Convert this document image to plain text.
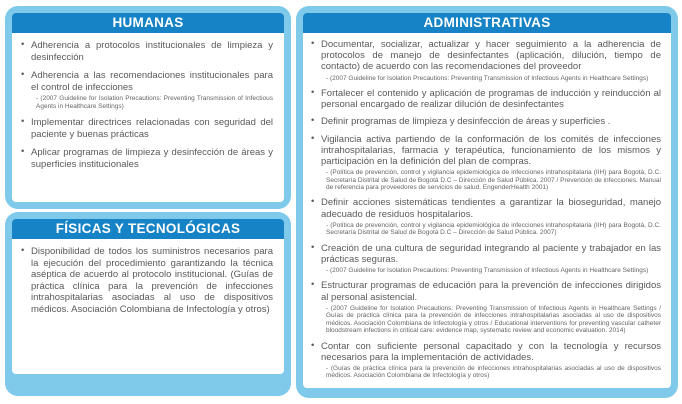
HUMANAS
• Adherencia a protocolos institucionales de limpieza y desinfección

• Adherencia a las recomendaciones institucionales para el control de infecciones

- (2007 Guideline for Isolation Precautions: Preventing Transmission of Infectious Agents in Healthcare Settings)

• Implementar directrices relacionadas con seguridad del paciente y buenas prácticas

• Aplicar programas de limpieza y desinfección de áreas y superficies institucionales

FÍSICAS Y TECNOLÓGICAS
• Disponibilidad de todos los suministros necesarios para la ejecución del procedimiento garantizando la técnica aséptica de acuerdo al protocolo institucional. (Guías de práctica clínica para la prevención de infecciones intrahospitalarias asociadas al uso de dispositivos médicos. Asociación Colombiana de Infectología y otros)

ADMINISTRATIVAS
• Documentar, socializar, actualizar y hacer seguimiento a la adherencia de protocolos de manejo de desinfectantes (aplicación, dilución, tiempo de contacto) de acuerdo con las recomendaciones del proveedor

- (2007 Guideline for Isolation Precautions: Preventing Transmission of Infectious Agents in Healthcare Settings)

• Fortalecer el contenido y aplicación de programas de inducción y reinducción al personal encargado de realizar dilución de desinfectantes

• Definir programas de limpieza y desinfección de áreas y superficies .

• Vigilancia activa partiendo de la conformación de los comités de infecciones intrahospitalarias, farmacia y terapéutica, funcionamiento de los mismos y participación en la definición del plan de compras.

- (Política de prevención, control y vigilancia epidemiológica de infecciones intrahospitalaria (IIH) para Bogotá, D.C. Secretaría Distrital de Salud de Bogotá D.C – Dirección de Salud Pública. 2007 / Prevención de infecciones. Manual de referencia para proveedores de servicios de salud. EngenderHealth 2001)

• Definir acciones sistemáticas tendientes a garantizar la bioseguridad, manejo adecuado de residuos hospitalarios.

- (Política de prevención, control y vigilancia epidemiológica de infecciones intrahospitalaria (IIH) para Bogotá, D.C. Secretaría Distrital de Salud de Bogotá D.C – Dirección de Salud Pública. 2007)

• Creación de una cultura de seguridad integrando al paciente y trabajador en las prácticas seguras.

- (2007 Guideline for Isolation Precautions: Preventing Transmission of Infectious Agents in Healthcare Settings)

• Estructurar programas de educación para la prevención de infecciones dirigidos al personal asistencial.

- (2007 Guideline for Isolation Precautions: Preventing Transmission of Infectious Agents in Healthcare Settings / Guías de práctica clínica para la prevención de infecciones intrahospitalarias asociadas al uso de dispositivos médicos. Asociación Colombiana de Infectología y otros / Educational interventions for preventing vascular catheter bloodstream infections in critical care: evidence map, systematic review and economic evaluation. 2014)

• Contar con suficiente personal capacitado y con la tecnología y recursos necesarios para la implementación de actividades.

- (Guías de práctica clínica para la prevención de infecciones intrahospitalarias asociadas al uso de dispositivos médicos. Asociación Colombiana de Infectología y otros)
